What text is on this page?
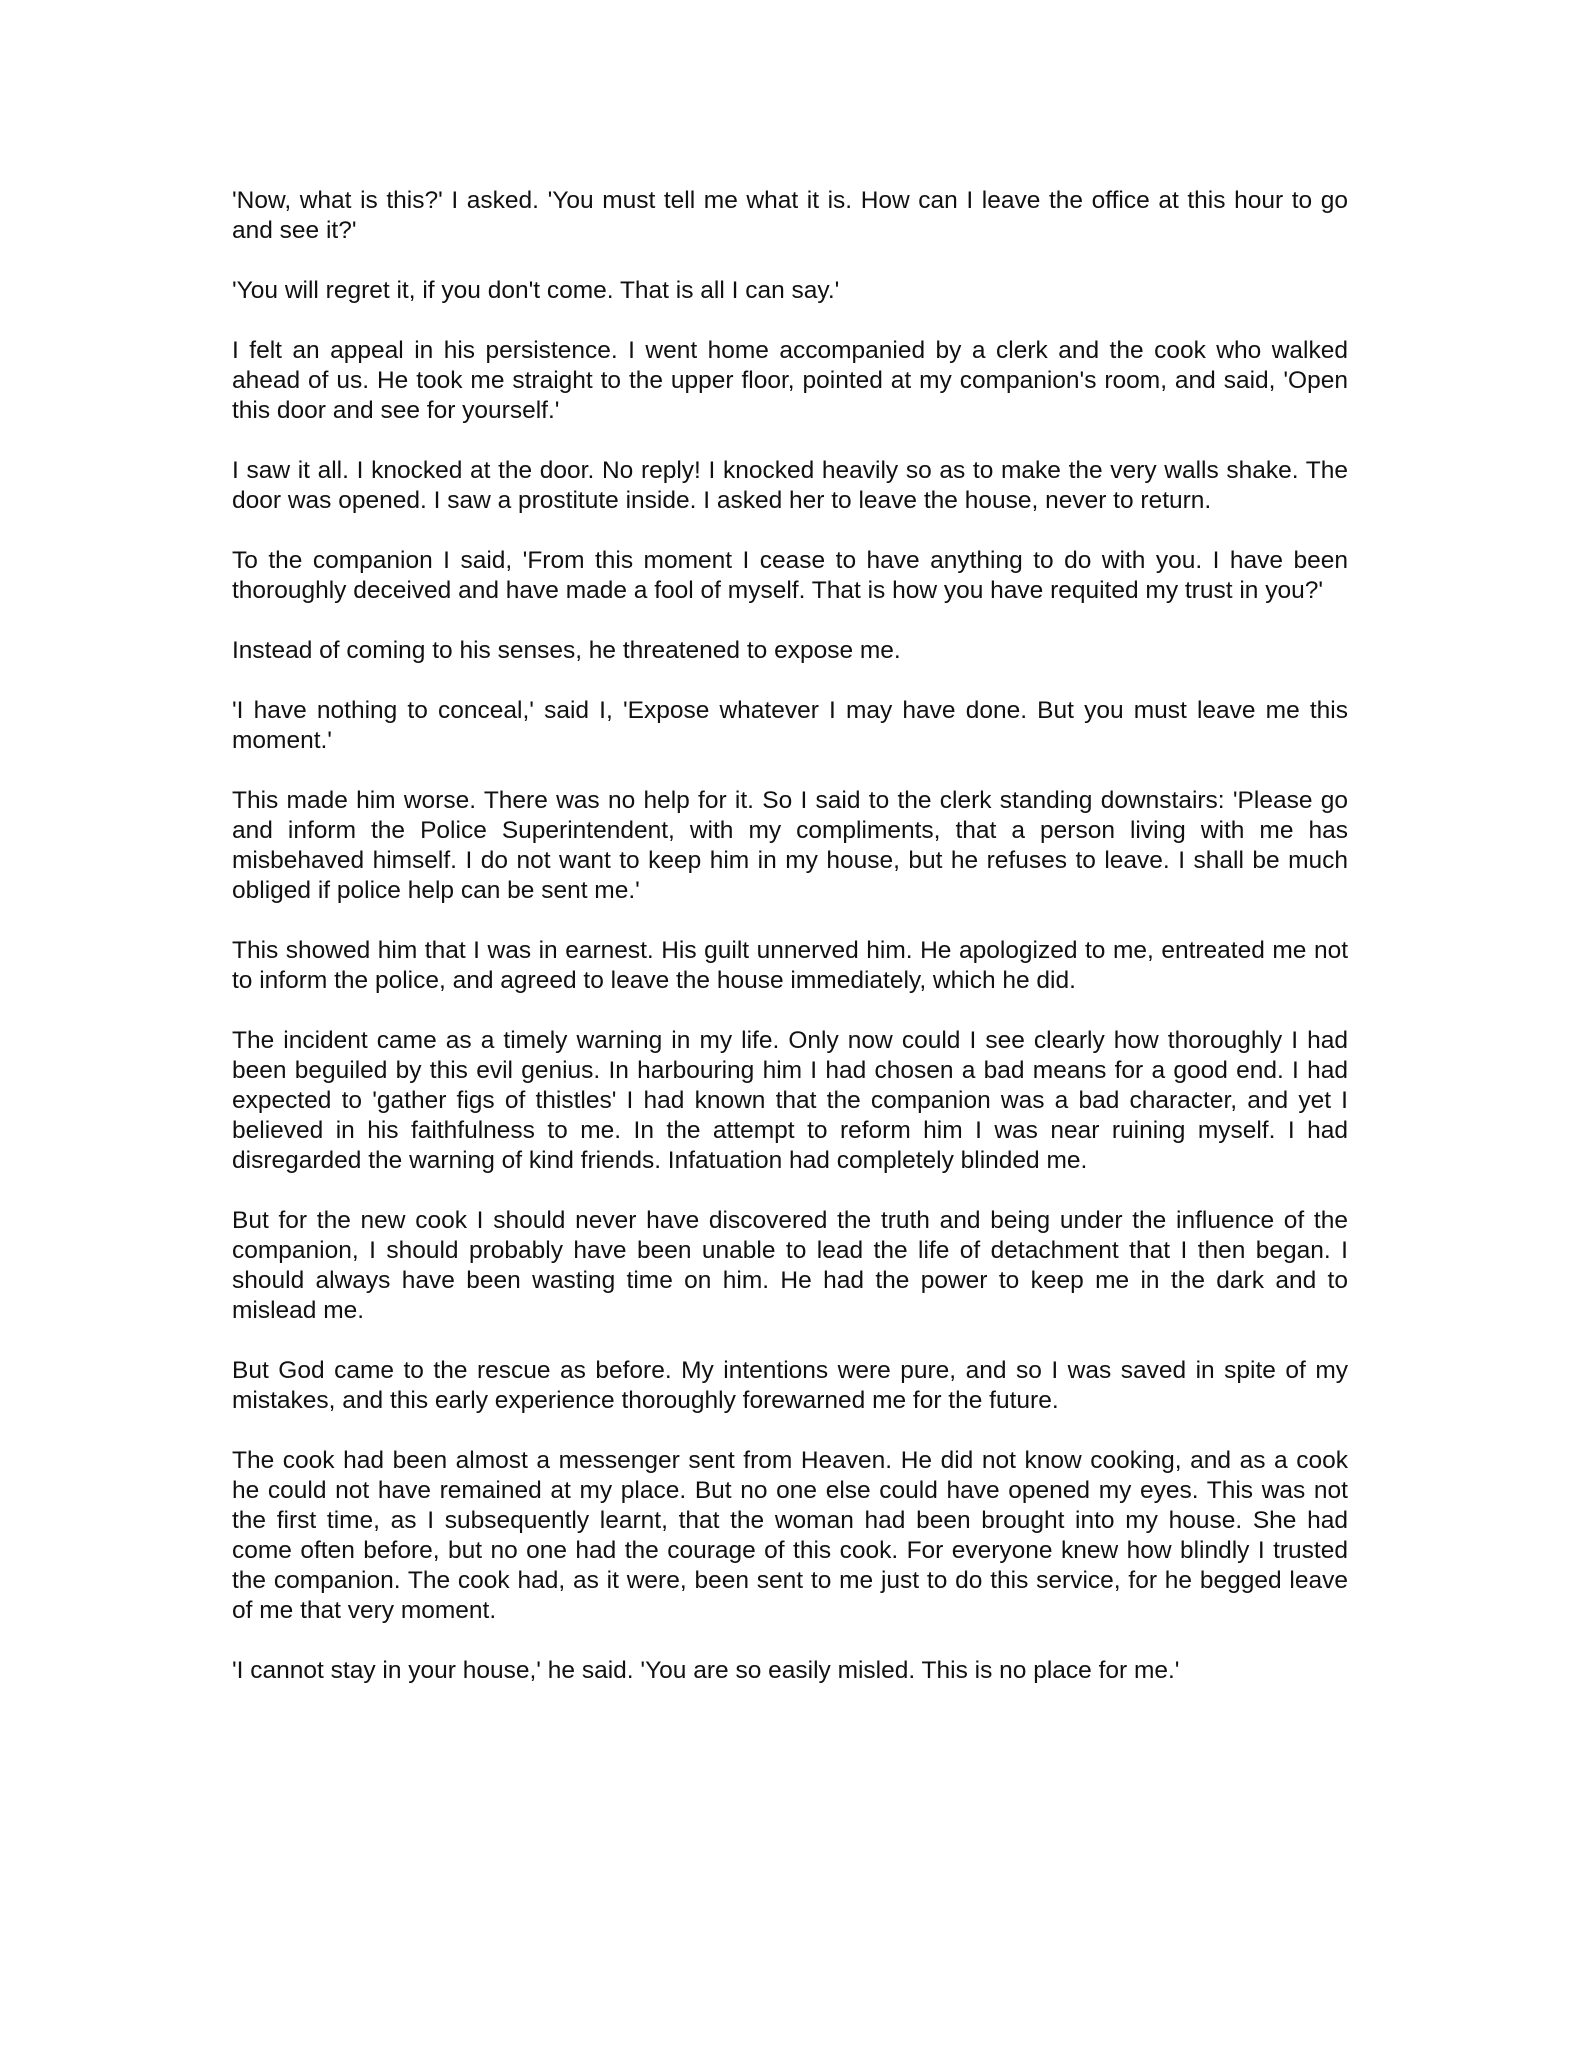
'Now, what is this?' I asked. 'You must tell me what it is. How can I leave the office at this hour to go and see it?'

'You will regret it, if you don't come. That is all I can say.'

I felt an appeal in his persistence. I went home accompanied by a clerk and the cook who walked ahead of us. He took me straight to the upper floor, pointed at my companion's room, and said, 'Open this door and see for yourself.'

I saw it all. I knocked at the door. No reply! I knocked heavily so as to make the very walls shake. The door was opened. I saw a prostitute inside. I asked her to leave the house, never to return.

To the companion I said, 'From this moment I cease to have anything to do with you. I have been thoroughly deceived and have made a fool of myself. That is how you have requited my trust in you?'

Instead of coming to his senses, he threatened to expose me.

'I have nothing to conceal,' said I, 'Expose whatever I may have done. But you must leave me this moment.'

This made him worse. There was no help for it. So I said to the clerk standing downstairs: 'Please go and inform the Police Superintendent, with my compliments, that a person living with me has misbehaved himself. I do not want to keep him in my house, but he refuses to leave. I shall be much obliged if police help can be sent me.'

This showed him that I was in earnest. His guilt unnerved him. He apologized to me, entreated me not to inform the police, and agreed to leave the house immediately, which he did.

The incident came as a timely warning in my life. Only now could I see clearly how thoroughly I had been beguiled by this evil genius. In harbouring him I had chosen a bad means for a good end. I had expected to 'gather figs of thistles' I had known that the companion was a bad character, and yet I believed in his faithfulness to me. In the attempt to reform him I was near ruining myself. I had disregarded the warning of kind friends. Infatuation had completely blinded me.

But for the new cook I should never have discovered the truth and being under the influence of the companion, I should probably have been unable to lead the life of detachment that I then began. I should always have been wasting time on him. He had the power to keep me in the dark and to mislead me.

But God came to the rescue as before. My intentions were pure, and so I was saved in spite of my mistakes, and this early experience thoroughly forewarned me for the future.

The cook had been almost a messenger sent from Heaven. He did not know cooking, and as a cook he could not have remained at my place. But no one else could have opened my eyes. This was not the first time, as I subsequently learnt, that the woman had been brought into my house. She had come often before, but no one had the courage of this cook. For everyone knew how blindly I trusted the companion. The cook had, as it were, been sent to me just to do this service, for he begged leave of me that very moment.

'I cannot stay in your house,' he said. 'You are so easily misled. This is no place for me.'
